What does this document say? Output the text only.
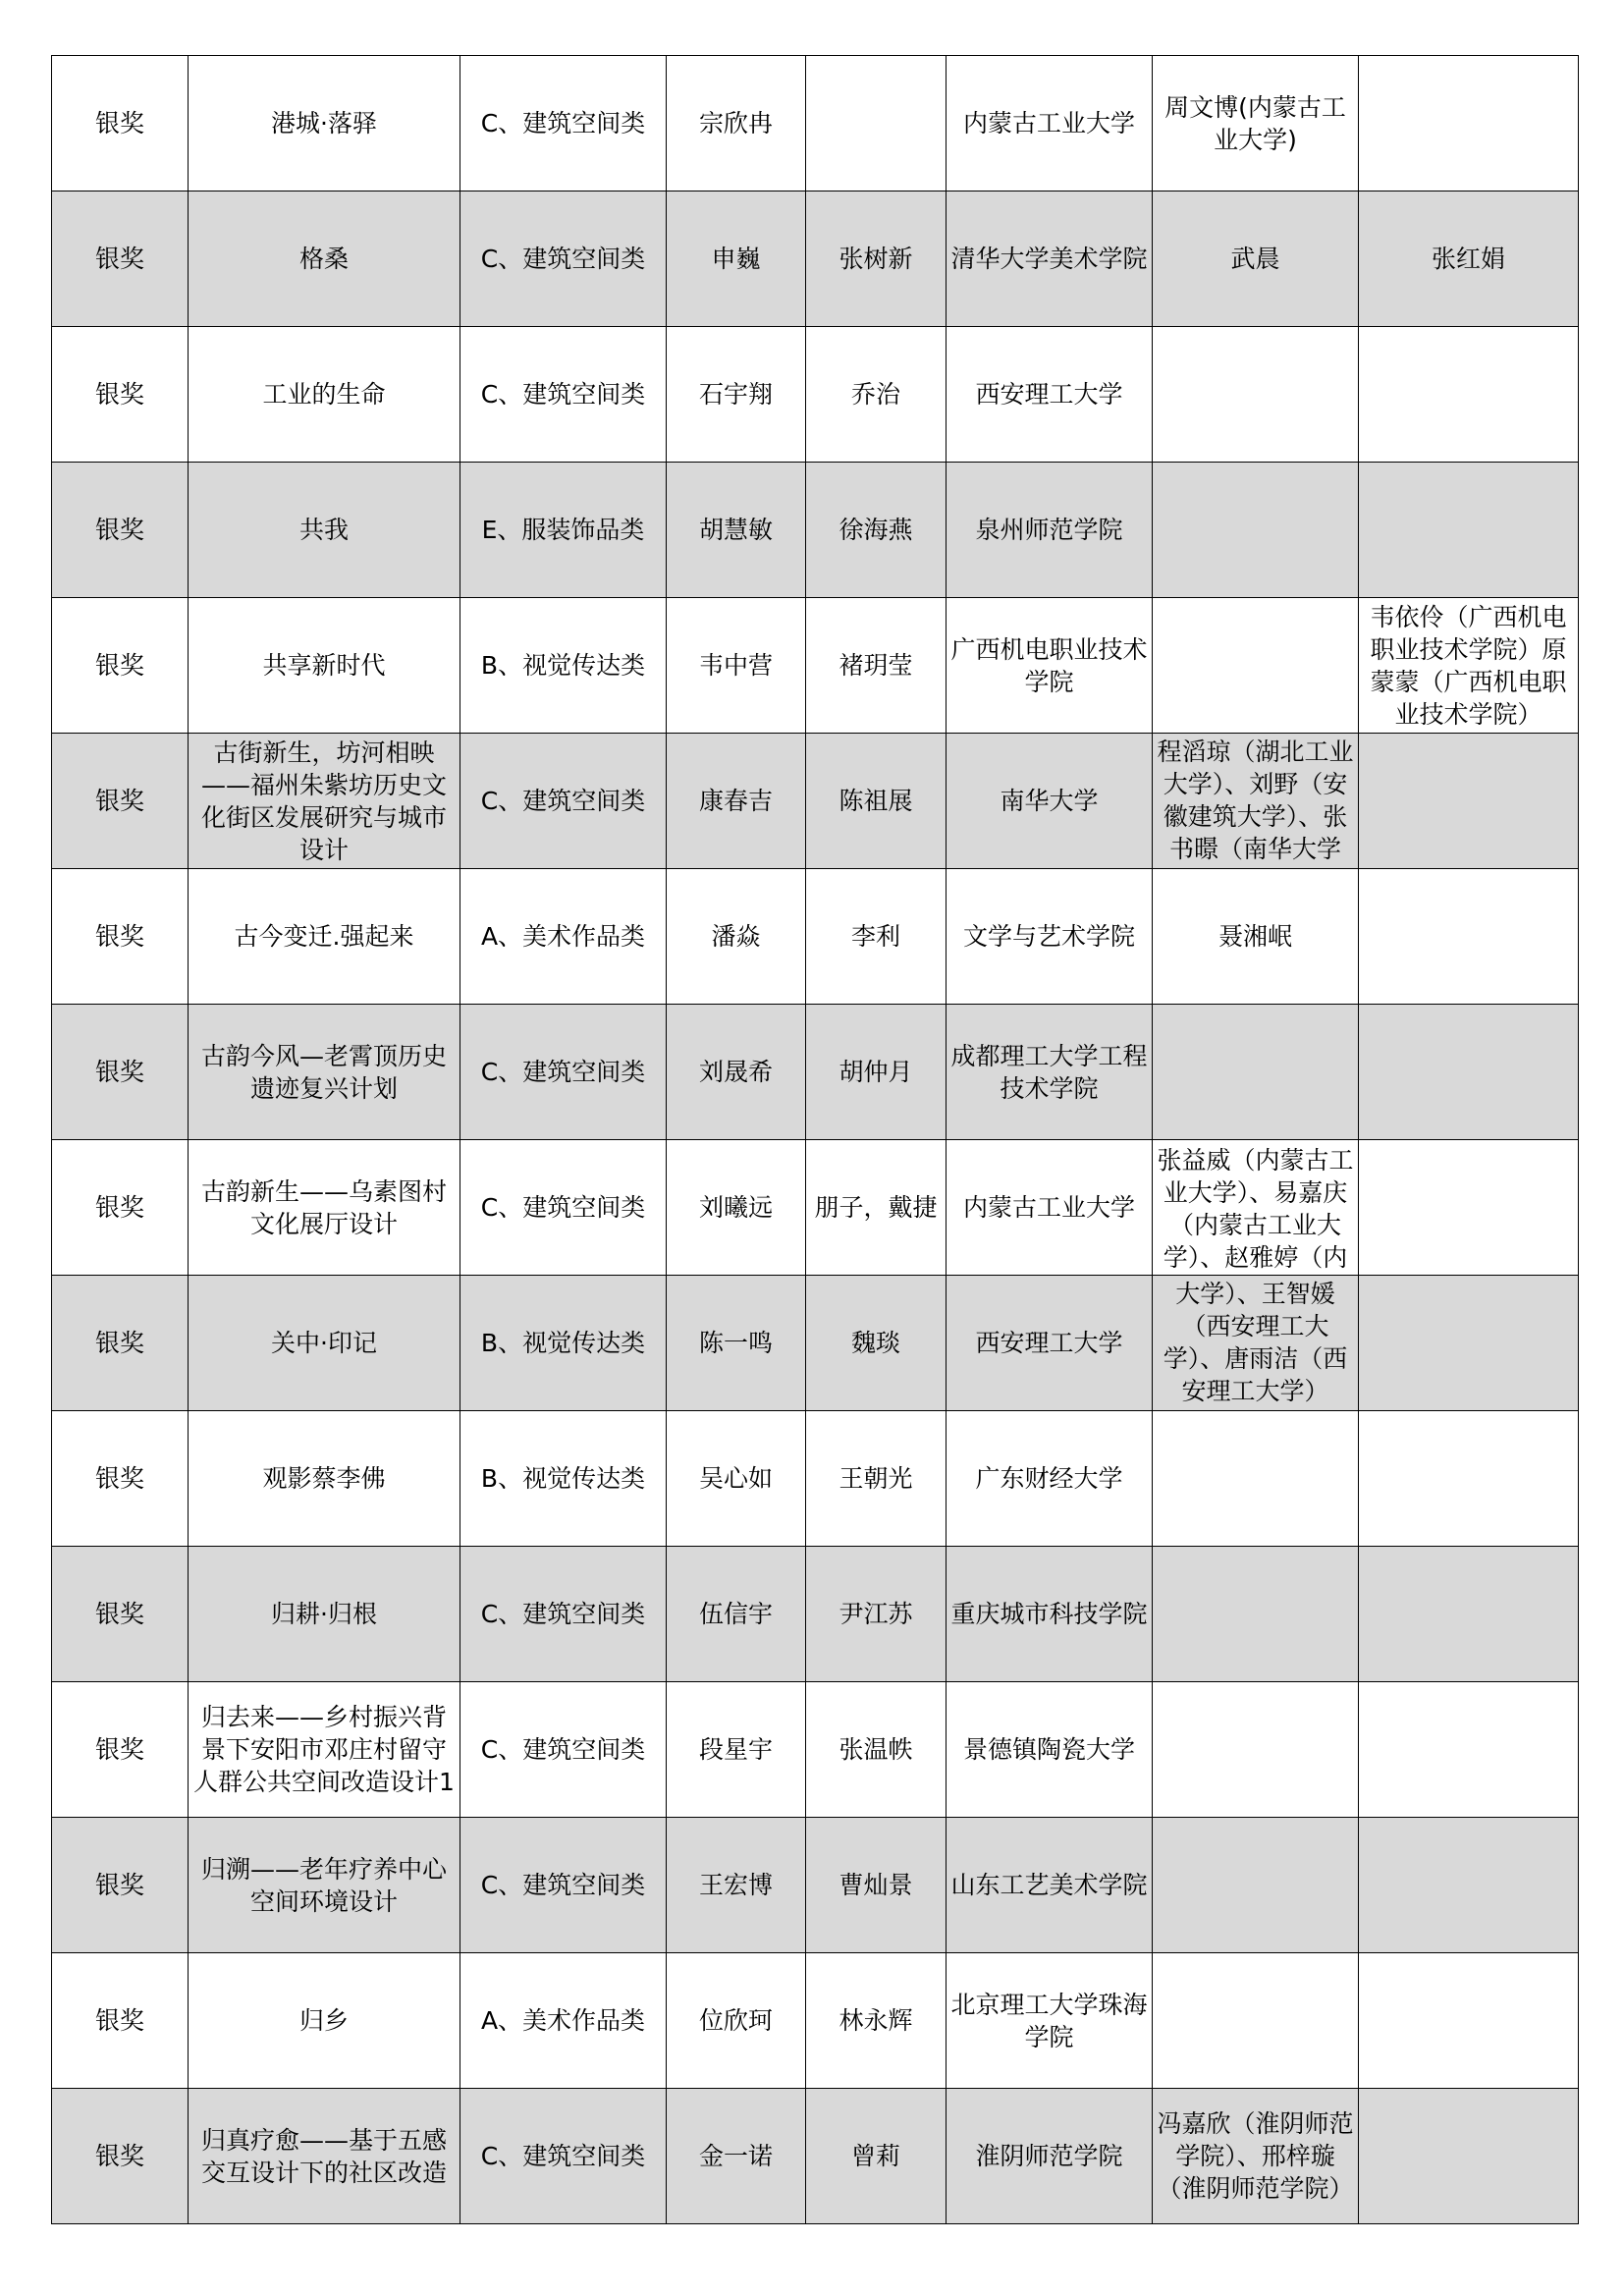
银奖	港城·落驿	C、建筑空间类	宗欣冉		内蒙古工业大学	周文博(内蒙古工业大学)	

银奖	格桑	C、建筑空间类	申巍	张树新	清华大学美术学院	武晨	张红娟

银奖	工业的生命	C、建筑空间类	石宇翔	乔治	西安理工大学		

银奖	共我	E、服装饰品类	胡慧敏	徐海燕	泉州师范学院		

银奖	共享新时代	B、视觉传达类	韦中营	褚玥莹	广西机电职业技术学院		韦依伶（广西机电职业技术学院）原蒙蒙（广西机电职业技术学院）

银奖	古街新生，坊河相映——福州朱紫坊历史文化街区发展研究与城市设计	C、建筑空间类	康春吉	陈祖展	南华大学	程滔琼（湖北工业大学）、刘野（安徽建筑大学）、张书暻（南华大学	

银奖	古今变迁.强起来	A、美术作品类	潘焱	李利	文学与艺术学院	聂湘岷	

银奖	古韵今风—老霄顶历史遗迹复兴计划	C、建筑空间类	刘晟希	胡仲月	成都理工大学工程技术学院		

银奖	古韵新生——乌素图村文化展厅设计	C、建筑空间类	刘曦远	朋子，戴捷	内蒙古工业大学	张益威（内蒙古工业大学）、易嘉庆（内蒙古工业大学）、赵雅婷（内	

银奖	关中·印记	B、视觉传达类	陈一鸣	魏琰	西安理工大学	大学）、王智媛（西安理工大学）、唐雨洁（西安理工大学）	

银奖	观影蔡李佛	B、视觉传达类	吴心如	王朝光	广东财经大学		

银奖	归耕·归根	C、建筑空间类	伍信宇	尹江苏	重庆城市科技学院		

银奖	归去来——乡村振兴背景下安阳市邓庄村留守人群公共空间改造设计1	C、建筑空间类	段星宇	张温帙	景德镇陶瓷大学		

银奖	归溯——老年疗养中心空间环境设计	C、建筑空间类	王宏博	曹灿景	山东工艺美术学院		

银奖	归乡	A、美术作品类	位欣珂	林永辉	北京理工大学珠海学院		

银奖	归真疗愈——基于五感交互设计下的社区改造	C、建筑空间类	金一诺	曾莉	淮阴师范学院	冯嘉欣（淮阴师范学院）、邢梓璇（淮阴师范学院）	
